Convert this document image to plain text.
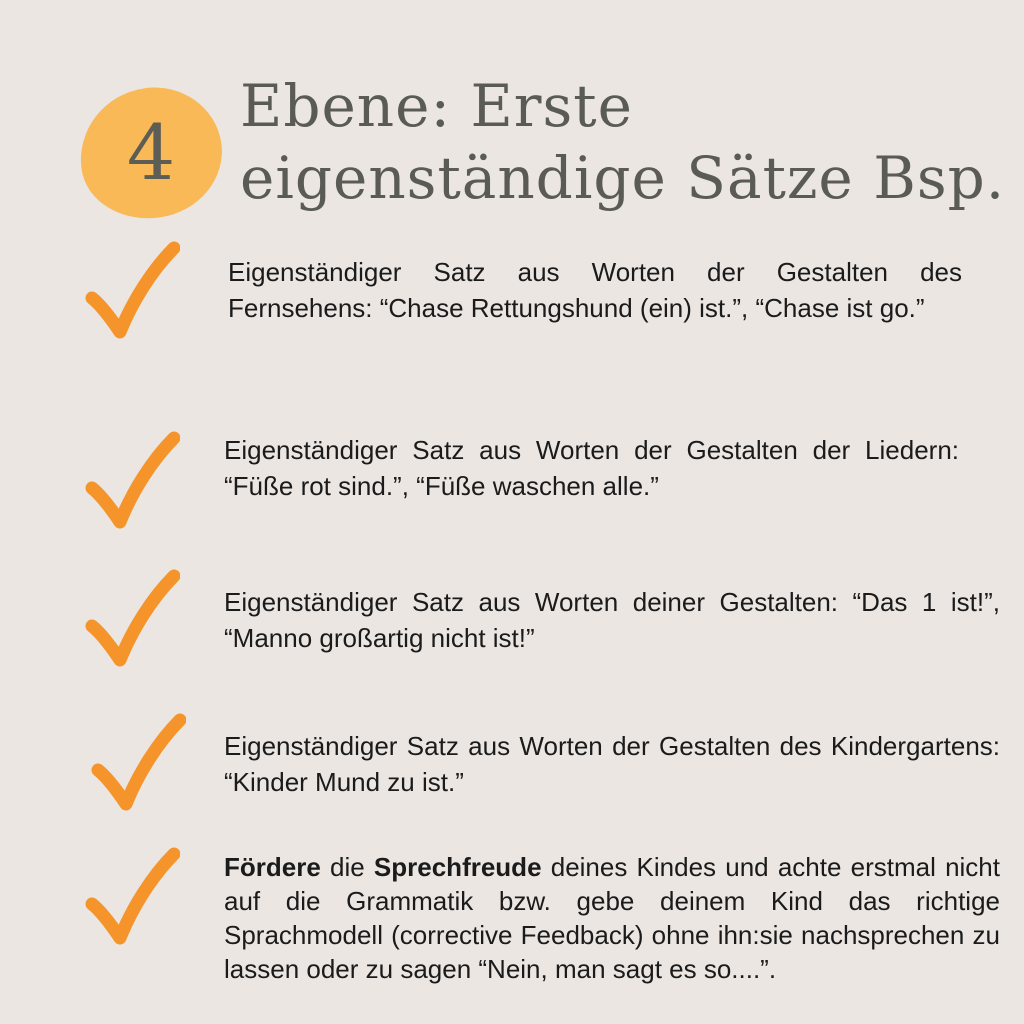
4
Ebene: Erste
eigenständige Sätze Bsp.

Eigenständiger Satz aus Worten der Gestalten des Fernsehens: “Chase Rettungshund (ein) ist.”, “Chase ist go.”

Eigenständiger Satz aus Worten der Gestalten der Liedern: “Füße rot sind.”, “Füße waschen alle.”

Eigenständiger Satz aus Worten deiner Gestalten: “Das 1 ist!”, “Manno großartig nicht ist!”

Eigenständiger Satz aus Worten der Gestalten des Kindergartens: “Kinder Mund zu ist.”

Fördere die Sprechfreude deines Kindes und achte erstmal nicht auf die Grammatik bzw. gebe deinem Kind das richtige Sprachmodell (corrective Feedback) ohne ihn:sie nachsprechen zu lassen oder zu sagen “Nein, man sagt es so....”.
